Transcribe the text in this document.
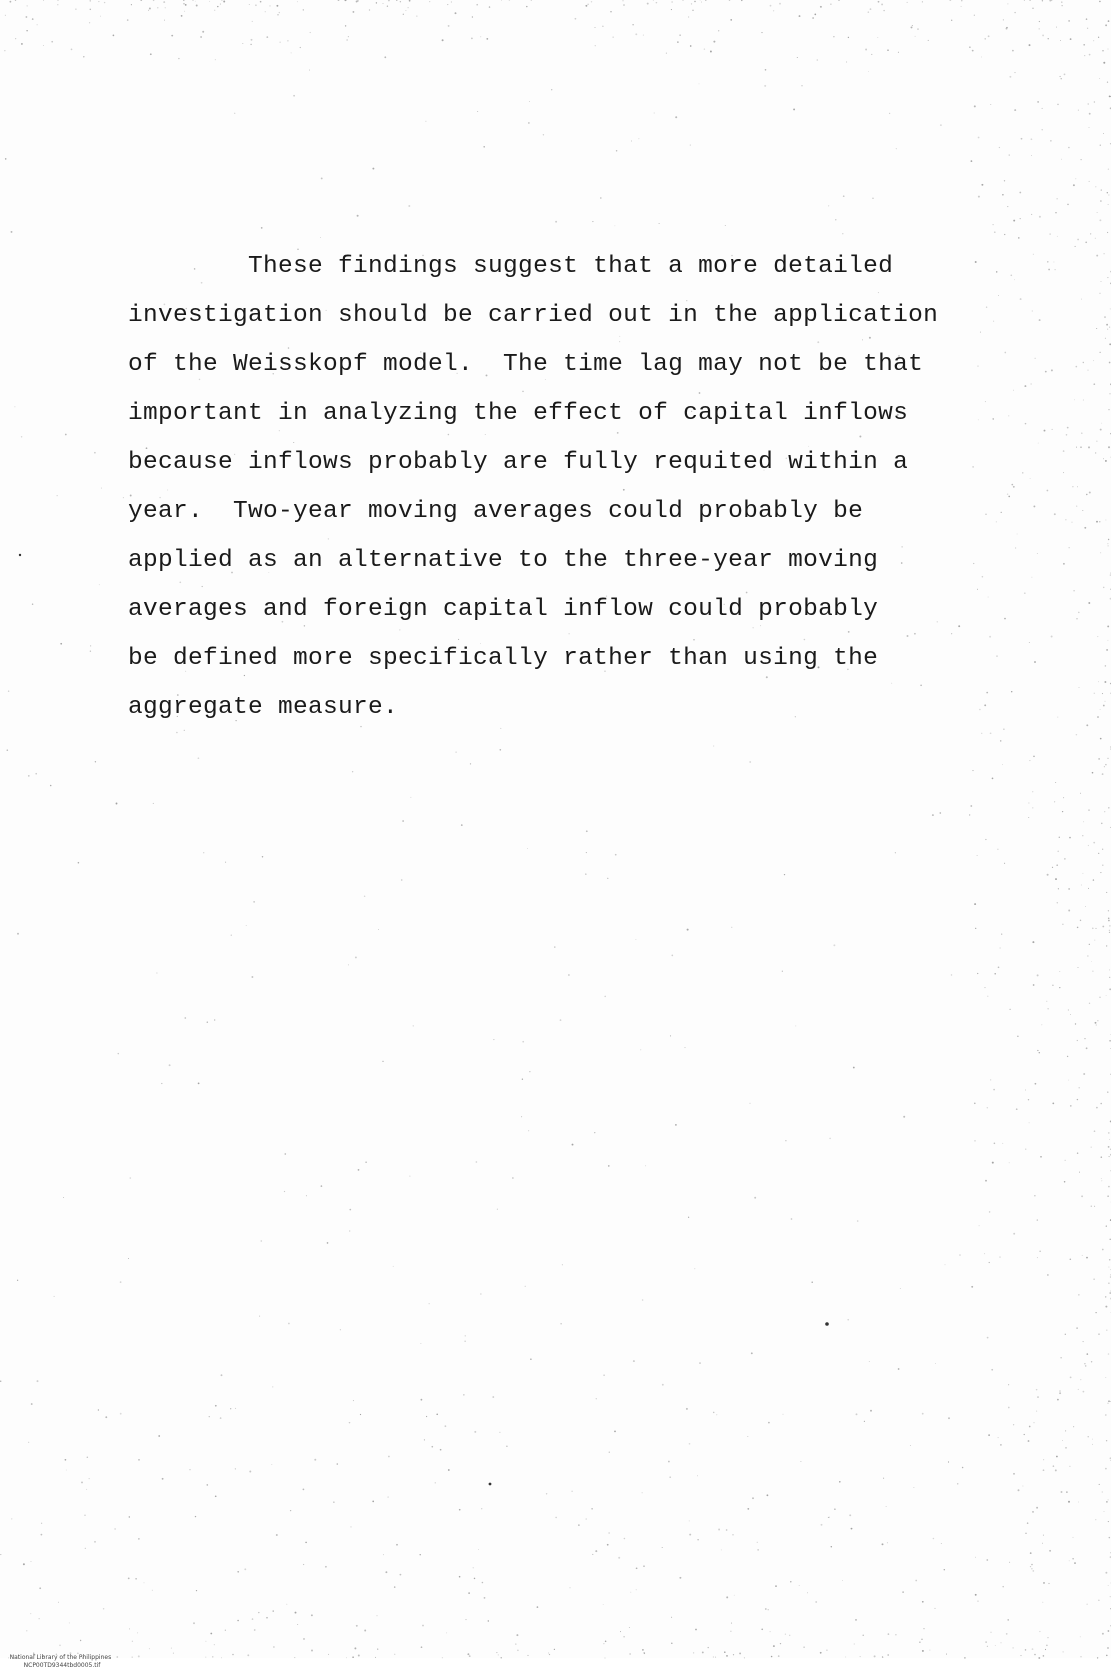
These findings suggest that a more detailed
investigation should be carried out in the application
of the Weisskopf model.  The time lag may not be that
important in analyzing the effect of capital inflows
because inflows probably are fully requited within a
year.  Two-year moving averages could probably be
applied as an alternative to the three-year moving
averages and foreign capital inflow could probably
be defined more specifically rather than using the
aggregate measure.

National Library of the Philippines
NCP00TD9344tbd0005.tif
